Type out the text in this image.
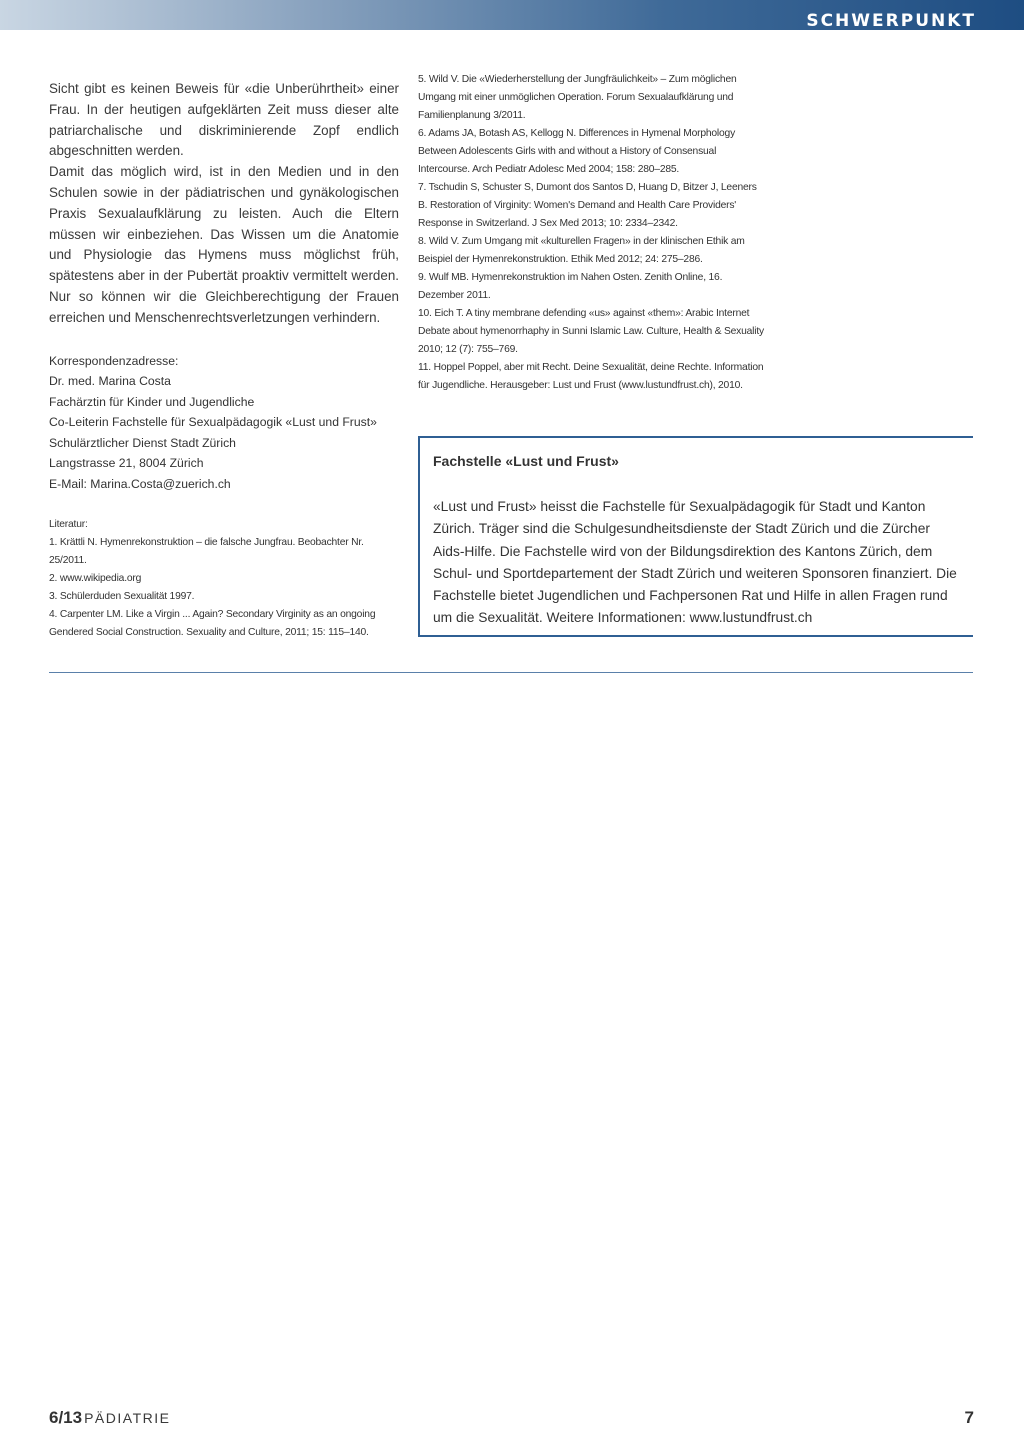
SCHWERPUNKT

Sicht gibt es keinen Beweis für «die Unberührtheit» einer Frau. In der heutigen aufgeklärten Zeit muss dieser alte patriarchalische und diskriminierende Zopf endlich abgeschnitten werden.

Damit das möglich wird, ist in den Medien und in den Schulen sowie in der pädiatrischen und gynäkologischen Praxis Sexualaufklärung zu leisten. Auch die Eltern müssen wir einbeziehen. Das Wissen um die Anatomie und Physiologie das Hymens muss möglichst früh, spätestens aber in der Pubertät proaktiv vermittelt werden. Nur so können wir die Gleichberechtigung der Frauen erreichen und Menschenrechtsverletzungen verhindern.

Korrespondenzadresse:
Dr. med. Marina Costa
Fachärztin für Kinder und Jugendliche
Co-Leiterin Fachstelle für Sexualpädagogik «Lust und Frust»
Schulärztlicher Dienst Stadt Zürich
Langstrasse 21, 8004 Zürich
E-Mail: Marina.Costa@zuerich.ch
Literatur:
1. Krättli N. Hymenrekonstruktion – die falsche Jungfrau. Beobachter Nr. 25/2011.
2. www.wikipedia.org
3. Schülerduden Sexualität 1997.
4. Carpenter LM. Like a Virgin ... Again? Secondary Virginity as an ongoing Gendered Social Construction. Sexuality and Culture, 2011; 15: 115–140.
5. Wild V. Die «Wiederherstellung der Jungfräulichkeit» – Zum möglichen Umgang mit einer unmöglichen Operation. Forum Sexualaufklärung und Familienplanung 3/2011.
6. Adams JA, Botash AS, Kellogg N. Differences in Hymenal Morphology Between Adolescents Girls with and without a History of Consensual Intercourse. Arch Pediatr Adolesc Med 2004; 158: 280–285.
7. Tschudin S, Schuster S, Dumont dos Santos D, Huang D, Bitzer J, Leeners B. Restoration of Virginity: Women's Demand and Health Care Providers' Response in Switzerland. J Sex Med 2013; 10: 2334–2342.
8. Wild V. Zum Umgang mit «kulturellen Fragen» in der klinischen Ethik am Beispiel der Hymenrekonstruktion. Ethik Med 2012; 24: 275–286.
9. Wulf MB. Hymenrekonstruktion im Nahen Osten. Zenith Online, 16. Dezember 2011.
10. Eich T. A tiny membrane defending «us» against «them»: Arabic Internet Debate about hymenorrhaphy in Sunni Islamic Law. Culture, Health & Sexuality 2010; 12 (7): 755–769.
11. Hoppel Poppel, aber mit Recht. Deine Sexualität, deine Rechte. Information für Jugendliche. Herausgeber: Lust und Frust (www.lustundfrust.ch), 2010.
Fachstelle «Lust und Frust»
«Lust und Frust» heisst die Fachstelle für Sexualpädagogik für Stadt und Kanton Zürich. Träger sind die Schulgesundheitsdienste der Stadt Zürich und die Zürcher Aids-Hilfe. Die Fachstelle wird von der Bildungsdirektion des Kantons Zürich, dem Schul- und Sportdepartement der Stadt Zürich und weiteren Sponsoren finanziert. Die Fachstelle bietet Jugendlichen und Fachpersonen Rat und Hilfe in allen Fragen rund um die Sexualität. Weitere Informationen: www.lustundfrust.ch
6/13 PÄDIATRIE	7
